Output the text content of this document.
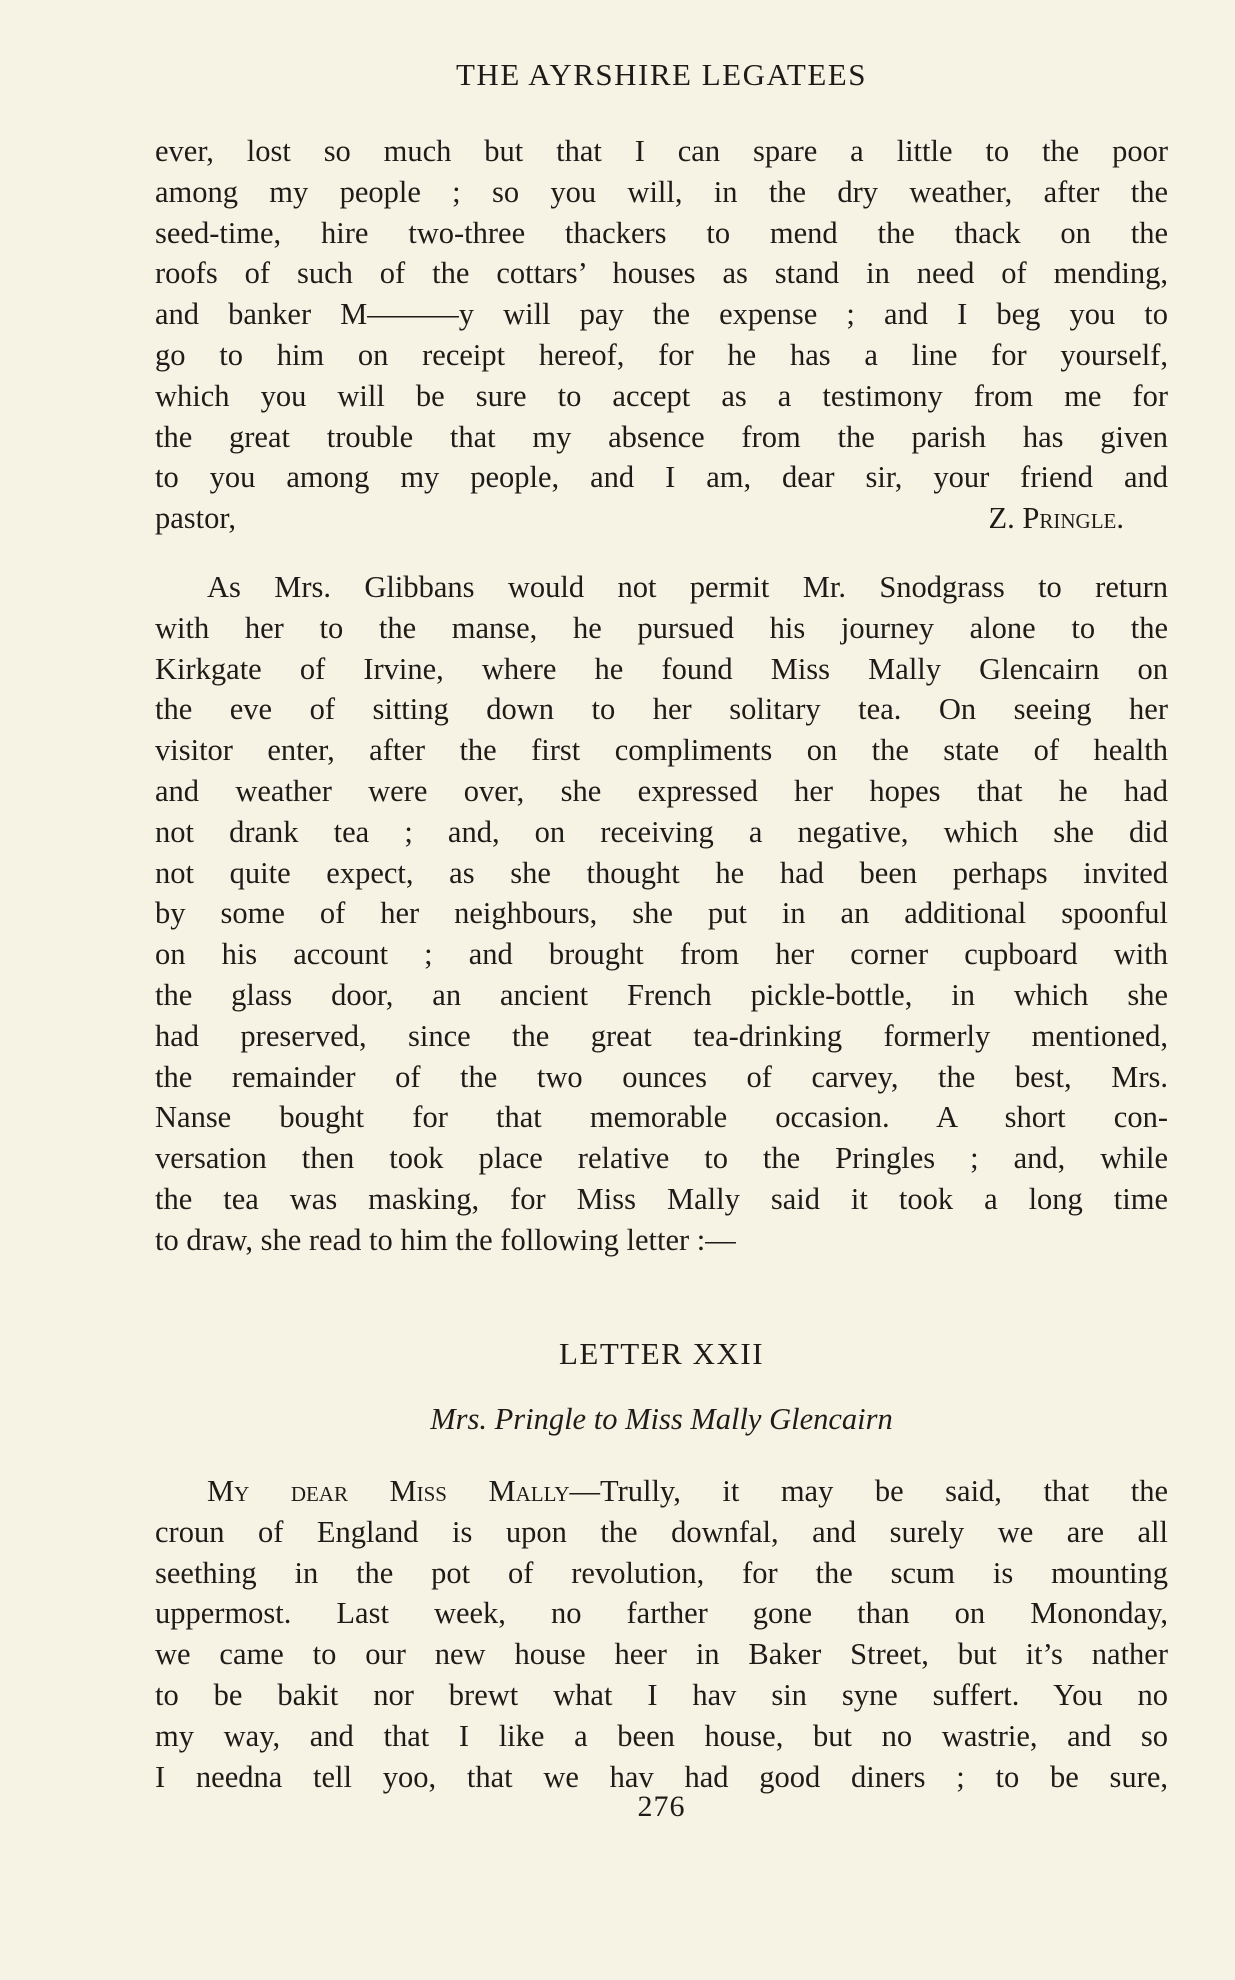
THE AYRSHIRE LEGATEES
ever, lost so much but that I can spare a little to the poor
among my people ; so you will, in the dry weather, after the
seed-time, hire two-three thackers to mend the thack on the
roofs of such of the cottars’ houses as stand in need of mending,
and banker M———y will pay the expense ; and I beg you to
go to him on receipt hereof, for he has a line for yourself,
which you will be sure to accept as a testimony from me for
the great trouble that my absence from the parish has given
to you among my people, and I am, dear sir, your friend and
pastor,	Z. Pringle.
As Mrs. Glibbans would not permit Mr. Snodgrass to return
with her to the manse, he pursued his journey alone to the
Kirkgate of Irvine, where he found Miss Mally Glencairn on
the eve of sitting down to her solitary tea. On seeing her
visitor enter, after the first compliments on the state of health
and weather were over, she expressed her hopes that he had
not drank tea ; and, on receiving a negative, which she did
not quite expect, as she thought he had been perhaps invited
by some of her neighbours, she put in an additional spoonful
on his account ; and brought from her corner cupboard with
the glass door, an ancient French pickle-bottle, in which she
had preserved, since the great tea-drinking formerly mentioned,
the remainder of the two ounces of carvey, the best, Mrs.
Nanse bought for that memorable occasion. A short con-
versation then took place relative to the Pringles ; and, while
the tea was masking, for Miss Mally said it took a long time
to draw, she read to him the following letter :—
LETTER XXII
Mrs. Pringle to Miss Mally Glencairn
My dear Miss Mally—Trully, it may be said, that the
croun of England is upon the downfal, and surely we are all
seething in the pot of revolution, for the scum is mounting
uppermost. Last week, no farther gone than on Mononday,
we came to our new house heer in Baker Street, but it’s nather
to be bakit nor brewt what I hav sin syne suffert. You no
my way, and that I like a been house, but no wastrie, and so
I needna tell yoo, that we hav had good diners ; to be sure,
276
